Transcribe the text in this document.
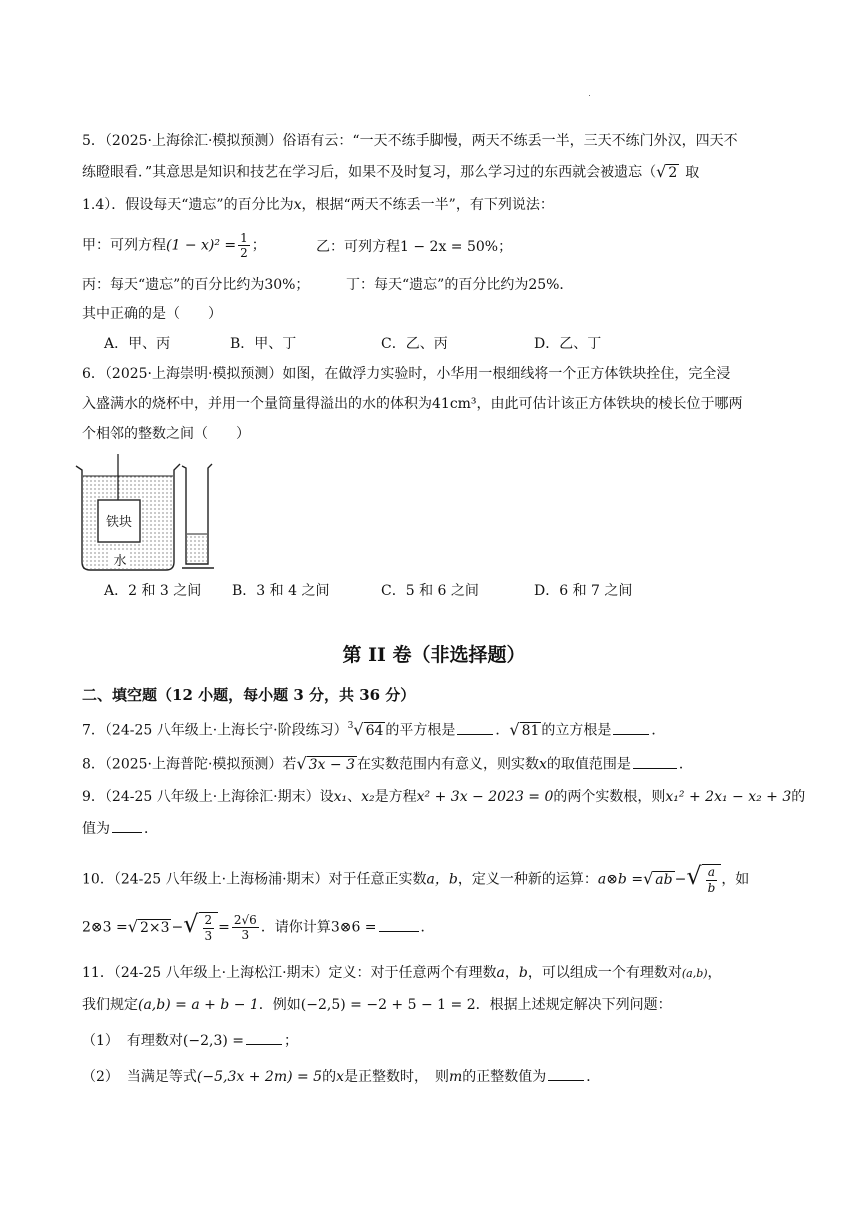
5．（2025·上海徐汇·模拟预测）俗语有云：“一天不练手脚慢，两天不练丢一半，三天不练门外汉，四天不
练瞪眼看．”其意思是知识和技艺在学习后，如果不及时复习，那么学习过的东西就会被遗忘（ √ 2 取
1.4）．假设每天“遗忘”的百分比为x，根据“两天不练丢一半”，有下列说法：
甲：可列方程$(1 - x)^2 = \frac{1}{2}$ ；	乙：可列方程1 − 2x = 50%；
丙：每天“遗忘”的百分比约为30%；	丁：每天“遗忘”的百分比约为25%．
其中正确的是（　　）
A．甲、丙	B．甲、丁	C．乙、丙	D．乙、丁
6．（2025·上海崇明·模拟预测）如图，在做浮力实验时，小华用一根细线将一个正方体铁块拴住，完全浸
入盛满水的烧杯中，并用一个量筒量得溢出的水的体积为41cm³，由此可估计该正方体铁块的棱长位于哪两
个相邻的整数之间（　　）
铁块
水
A．2 和 3 之间 B．3 和 4 之间	C．5 和 6 之间	D．6 和 7 之间
第 II 卷（非选择题）
二、填空题（12 小题，每小题 3 分，共 36 分）
7．（24-25 八年级上·上海长宁·阶段练习） 3 √ 64 的平方根是	． √ 81 的立方根是	．
8．（2025·上海普陀·模拟预测）若 √ 3x − 3 在实数范围内有意义，则实数x的取值范围是	．
9．（24-25 八年级上·上海徐汇·期末）设x₁、x₂是方程x² + 3x − 2023 = 0的两个实数根，则x₁² + 2x₁ − x₂ + 3的
值为 ．
10．（24-25 八年级上·上海杨浦·期末）对于任意正实数a，b，定义一种新的运算：a⊗b = √ ab − √ $\frac{a}{b}$ ，如
2⊗3 = √ 2×3 − √ $\frac{2}{3} = \frac{2√6}{3}$ ．请你计算3⊗6 =	．
11．（24-25 八年级上·上海松江·期末）定义：对于任意两个有理数a，b，可以组成一个有理数对(a,b)，
我们规定(a,b) = a + b − 1．例如(−2,5) = −2 + 5 − 1 = 2．根据上述规定解决下列问题：
（1） 有理数对(−2,3) =	；
（2） 当满足等式(−5,3x + 2m) = 5的x是正整数时，　则m的正整数值为	．
